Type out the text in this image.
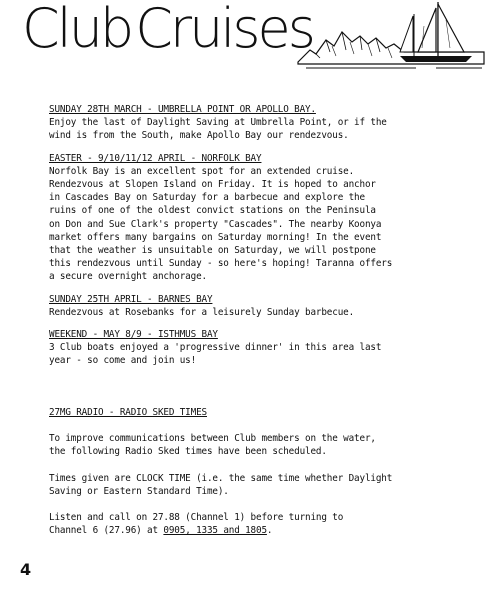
ClubCruises
SUNDAY 28TH MARCH - UMBRELLA POINT OR APOLLO BAY.
Enjoy the last of Daylight Saving at Umbrella Point, or if the
wind is from the South, make Apollo Bay our rendezvous.
EASTER - 9/10/11/12 APRIL - NORFOLK BAY
Norfolk Bay is an excellent spot for an extended cruise.
Rendezvous at Slopen Island on Friday. It is hoped to anchor
in Cascades Bay on Saturday for a barbecue and explore the
ruins of one of the oldest convict stations on the Peninsula
on Don and Sue Clark's property "Cascades". The nearby Koonya
market offers many bargains on Saturday morning! In the event
that the weather is unsuitable on Saturday, we will postpone
this rendezvous until Sunday - so here's hoping! Taranna offers
a secure overnight anchorage.
SUNDAY 25TH APRIL - BARNES BAY
Rendezvous at Rosebanks for a leisurely Sunday barbecue.
WEEKEND - MAY 8/9 - ISTHMUS BAY
3 Club boats enjoyed a 'progressive dinner' in this area last
year - so come and join us!
27MG RADIO - RADIO SKED TIMES
To improve communications between Club members on the water,
the following Radio Sked times have been scheduled.
Times given are CLOCK TIME (i.e. the same time whether Daylight
Saving or Eastern Standard Time).
Listen and call on 27.88 (Channel 1) before turning to
Channel 6 (27.96) at 0905, 1335 and 1805.
4
